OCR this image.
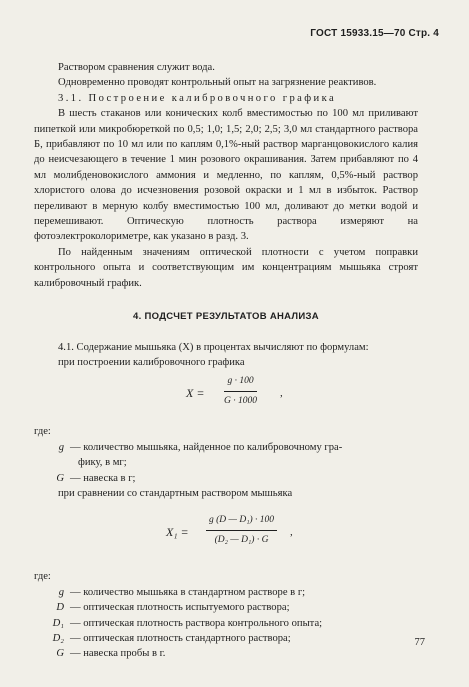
ГОСТ 15933.15—70 Стр. 4

Раствором сравнения служит вода.

Одновременно проводят контрольный опыт на загрязнение реактивов.

3.1. Построение калибровочного графика

В шесть стаканов или конических колб вместимостью по 100 мл приливают пипеткой или микробюреткой по 0,5; 1,0; 1,5; 2,0; 2,5; 3,0 мл стандартного раствора Б, прибавляют по 10 мл или по каплям 0,1%-ный раствор марганцовокислого калия до неисчезающего в течение 1 мин розового окрашивания. Затем прибавляют по 4 мл молибденовокислого аммония и медленно, по каплям, 0,5%-ный раствор хлористого олова до исчезновения розовой окраски и 1 мл в избыток. Раствор переливают в мерную колбу вместимостью 100 мл, доливают до метки водой и перемешивают. Оптическую плотность раствора измеряют на фотоэлектроколориметре, как указано в разд. 3.

По найденным значениям оптической плотности с учетом поправки контрольного опыта и соответствующим им концентрациям мышьяка строят калибровочный график.

4. ПОДСЧЕТ РЕЗУЛЬТАТОВ АНАЛИЗА

4.1. Содержание мышьяка (X) в процентах вычисляют по формулам:

при построении калибровочного графика

$X = \frac{g \cdot 100}{G \cdot 1000}$ ,

где:

g — количество мышьяка, найденное по калибровочному гра-
фику, в мг;
G — навеска в г;

при сравнении со стандартным раствором мышьяка

$X_1 = \frac{\text{g (D — D₁) · 100}}{\text{(D₂ — D₁) · G}}$ ,

где:

g — количество мышьяка в стандартном растворе в г;
D — оптическая плотность испытуемого раствора;
D₁ — оптическая плотность раствора контрольного опыта;
D₂ — оптическая плотность стандартного раствора;
G — навеска пробы в г.
77
